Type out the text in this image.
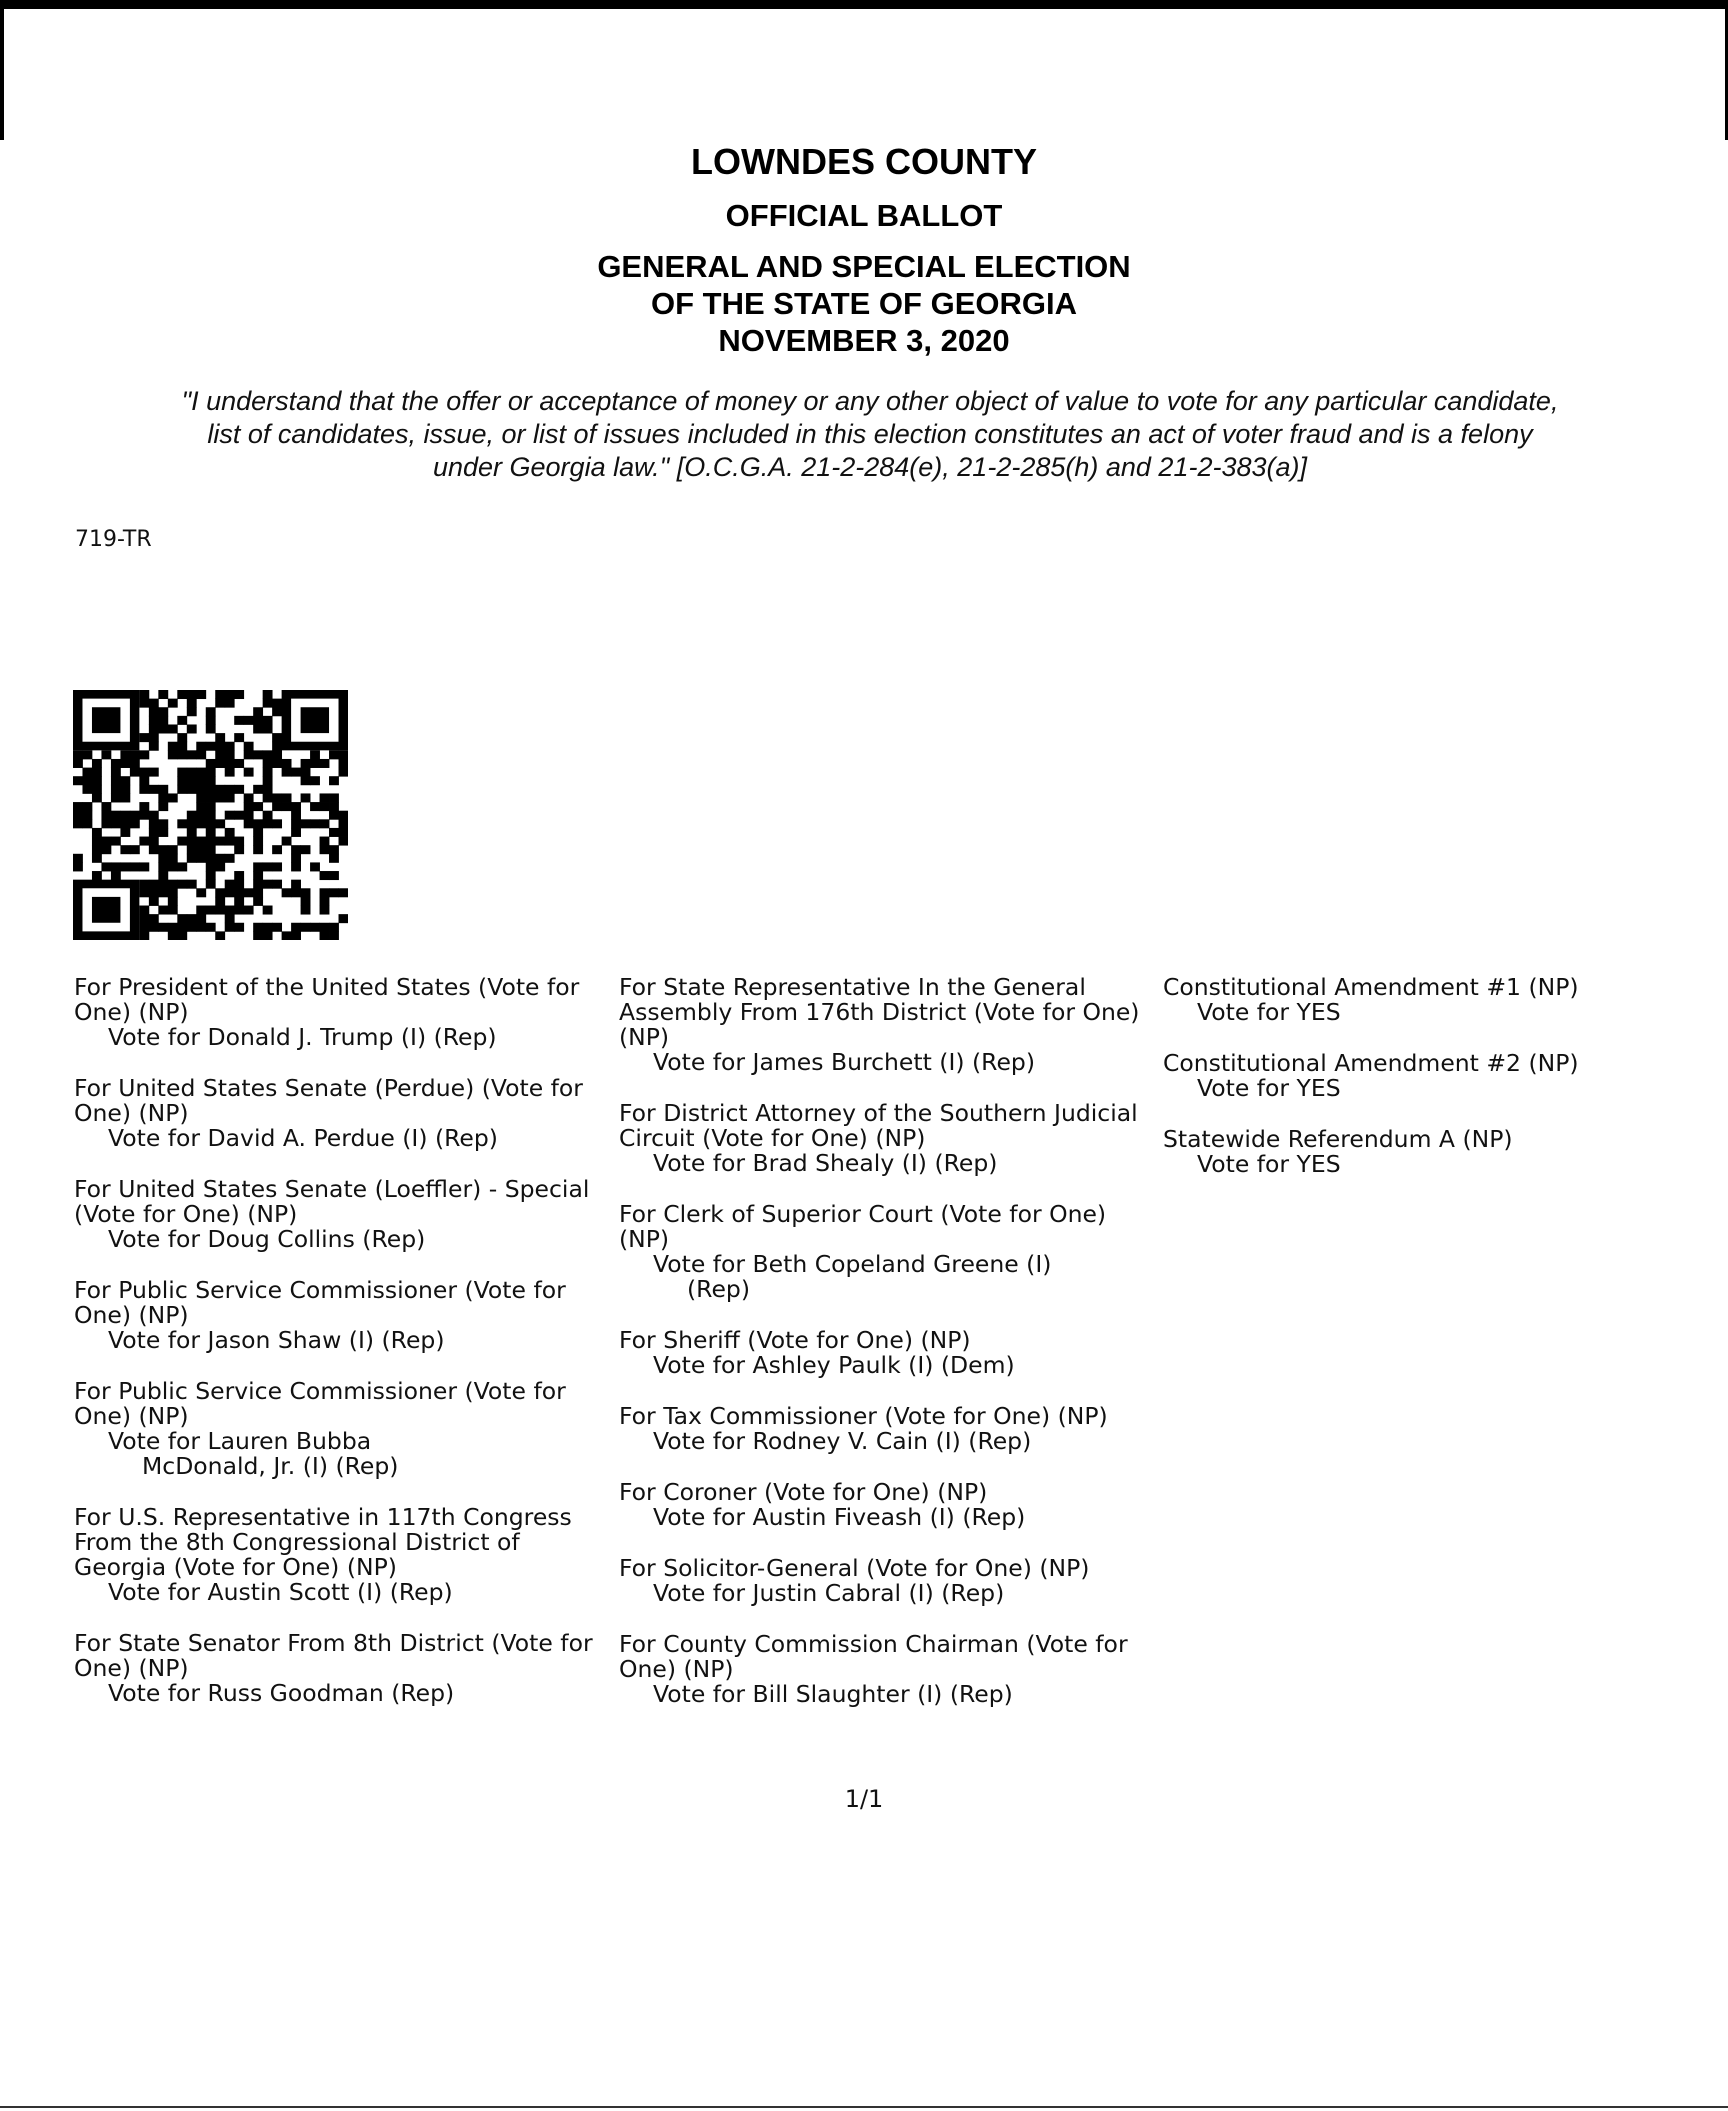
LOWNDES COUNTY
OFFICIAL BALLOT
GENERAL AND SPECIAL ELECTION
OF THE STATE OF GEORGIA
NOVEMBER 3, 2020
"I understand that the offer or acceptance of money or any other object of value to vote for any particular candidate,
list of candidates, issue, or list of issues included in this election constitutes an act of voter fraud and is a felony
under Georgia law." [O.C.G.A. 21-2-284(e), 21-2-285(h) and 21-2-383(a)]
719-TR
For President of the United States (Vote for One) (NP)
Vote for Donald J. Trump (I) (Rep)
For United States Senate (Perdue) (Vote for One) (NP)
Vote for David A. Perdue (I) (Rep)
For United States Senate (Loeffler) - Special (Vote for One) (NP)
Vote for Doug Collins (Rep)
For Public Service Commissioner (Vote for One) (NP)
Vote for Jason Shaw (I) (Rep)
For Public Service Commissioner (Vote for One) (NP)
Vote for Lauren Bubba
McDonald, Jr. (I) (Rep)
For U.S. Representative in 117th Congress From the 8th Congressional District of Georgia (Vote for One) (NP)
Vote for Austin Scott (I) (Rep)
For State Senator From 8th District (Vote for One) (NP)
Vote for Russ Goodman (Rep)
For State Representative In the General Assembly From 176th District (Vote for One) (NP)
Vote for James Burchett (I) (Rep)
For District Attorney of the Southern Judicial Circuit (Vote for One) (NP)
Vote for Brad Shealy (I) (Rep)
For Clerk of Superior Court (Vote for One) (NP)
Vote for Beth Copeland Greene (I)
(Rep)
For Sheriff (Vote for One) (NP)
Vote for Ashley Paulk (I) (Dem)
For Tax Commissioner (Vote for One) (NP)
Vote for Rodney V. Cain (I) (Rep)
For Coroner (Vote for One) (NP)
Vote for Austin Fiveash (I) (Rep)
For Solicitor-General (Vote for One) (NP)
Vote for Justin Cabral (I) (Rep)
For County Commission Chairman (Vote for One) (NP)
Vote for Bill Slaughter (I) (Rep)
Constitutional Amendment #1 (NP)
Vote for YES
Constitutional Amendment #2 (NP)
Vote for YES
Statewide Referendum A (NP)
Vote for YES
1/1
